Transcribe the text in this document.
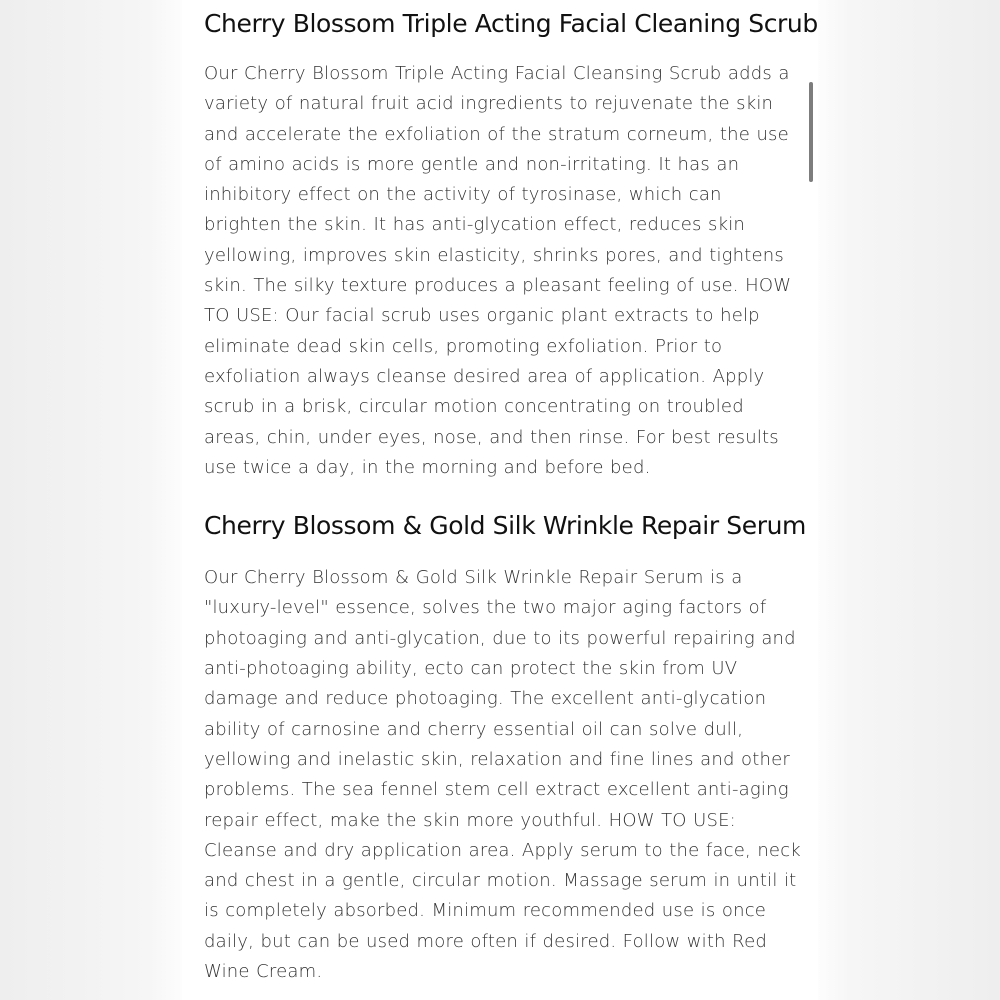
Cherry Blossom Triple Acting Facial Cleaning Scrub

Our Cherry Blossom Triple Acting Facial Cleansing Scrub adds a variety of natural fruit acid ingredients to rejuvenate the skin and accelerate the exfoliation of the stratum corneum, the use of amino acids is more gentle and non-irritating. It has an inhibitory effect on the activity of tyrosinase, which can brighten the skin. It has anti-glycation effect, reduces skin yellowing, improves skin elasticity, shrinks pores, and tightens skin. The silky texture produces a pleasant feeling of use. HOW TO USE: Our facial scrub uses organic plant extracts to help eliminate dead skin cells, promoting exfoliation. Prior to exfoliation always cleanse desired area of application. Apply scrub in a brisk, circular motion concentrating on troubled areas, chin, under eyes, nose, and then rinse. For best results use twice a day, in the morning and before bed.

Cherry Blossom & Gold Silk Wrinkle Repair Serum

Our Cherry Blossom & Gold Silk Wrinkle Repair Serum is a "luxury-level" essence, solves the two major aging factors of photoaging and anti-glycation, due to its powerful repairing and anti-photoaging ability, ecto can protect the skin from UV damage and reduce photoaging. The excellent anti-glycation ability of carnosine and cherry essential oil can solve dull, yellowing and inelastic skin, relaxation and fine lines and other problems. The sea fennel stem cell extract excellent anti-aging repair effect, make the skin more youthful. HOW TO USE: Cleanse and dry application area. Apply serum to the face, neck and chest in a gentle, circular motion. Massage serum in until it is completely absorbed. Minimum recommended use is once daily, but can be used more often if desired. Follow with Red Wine Cream.
